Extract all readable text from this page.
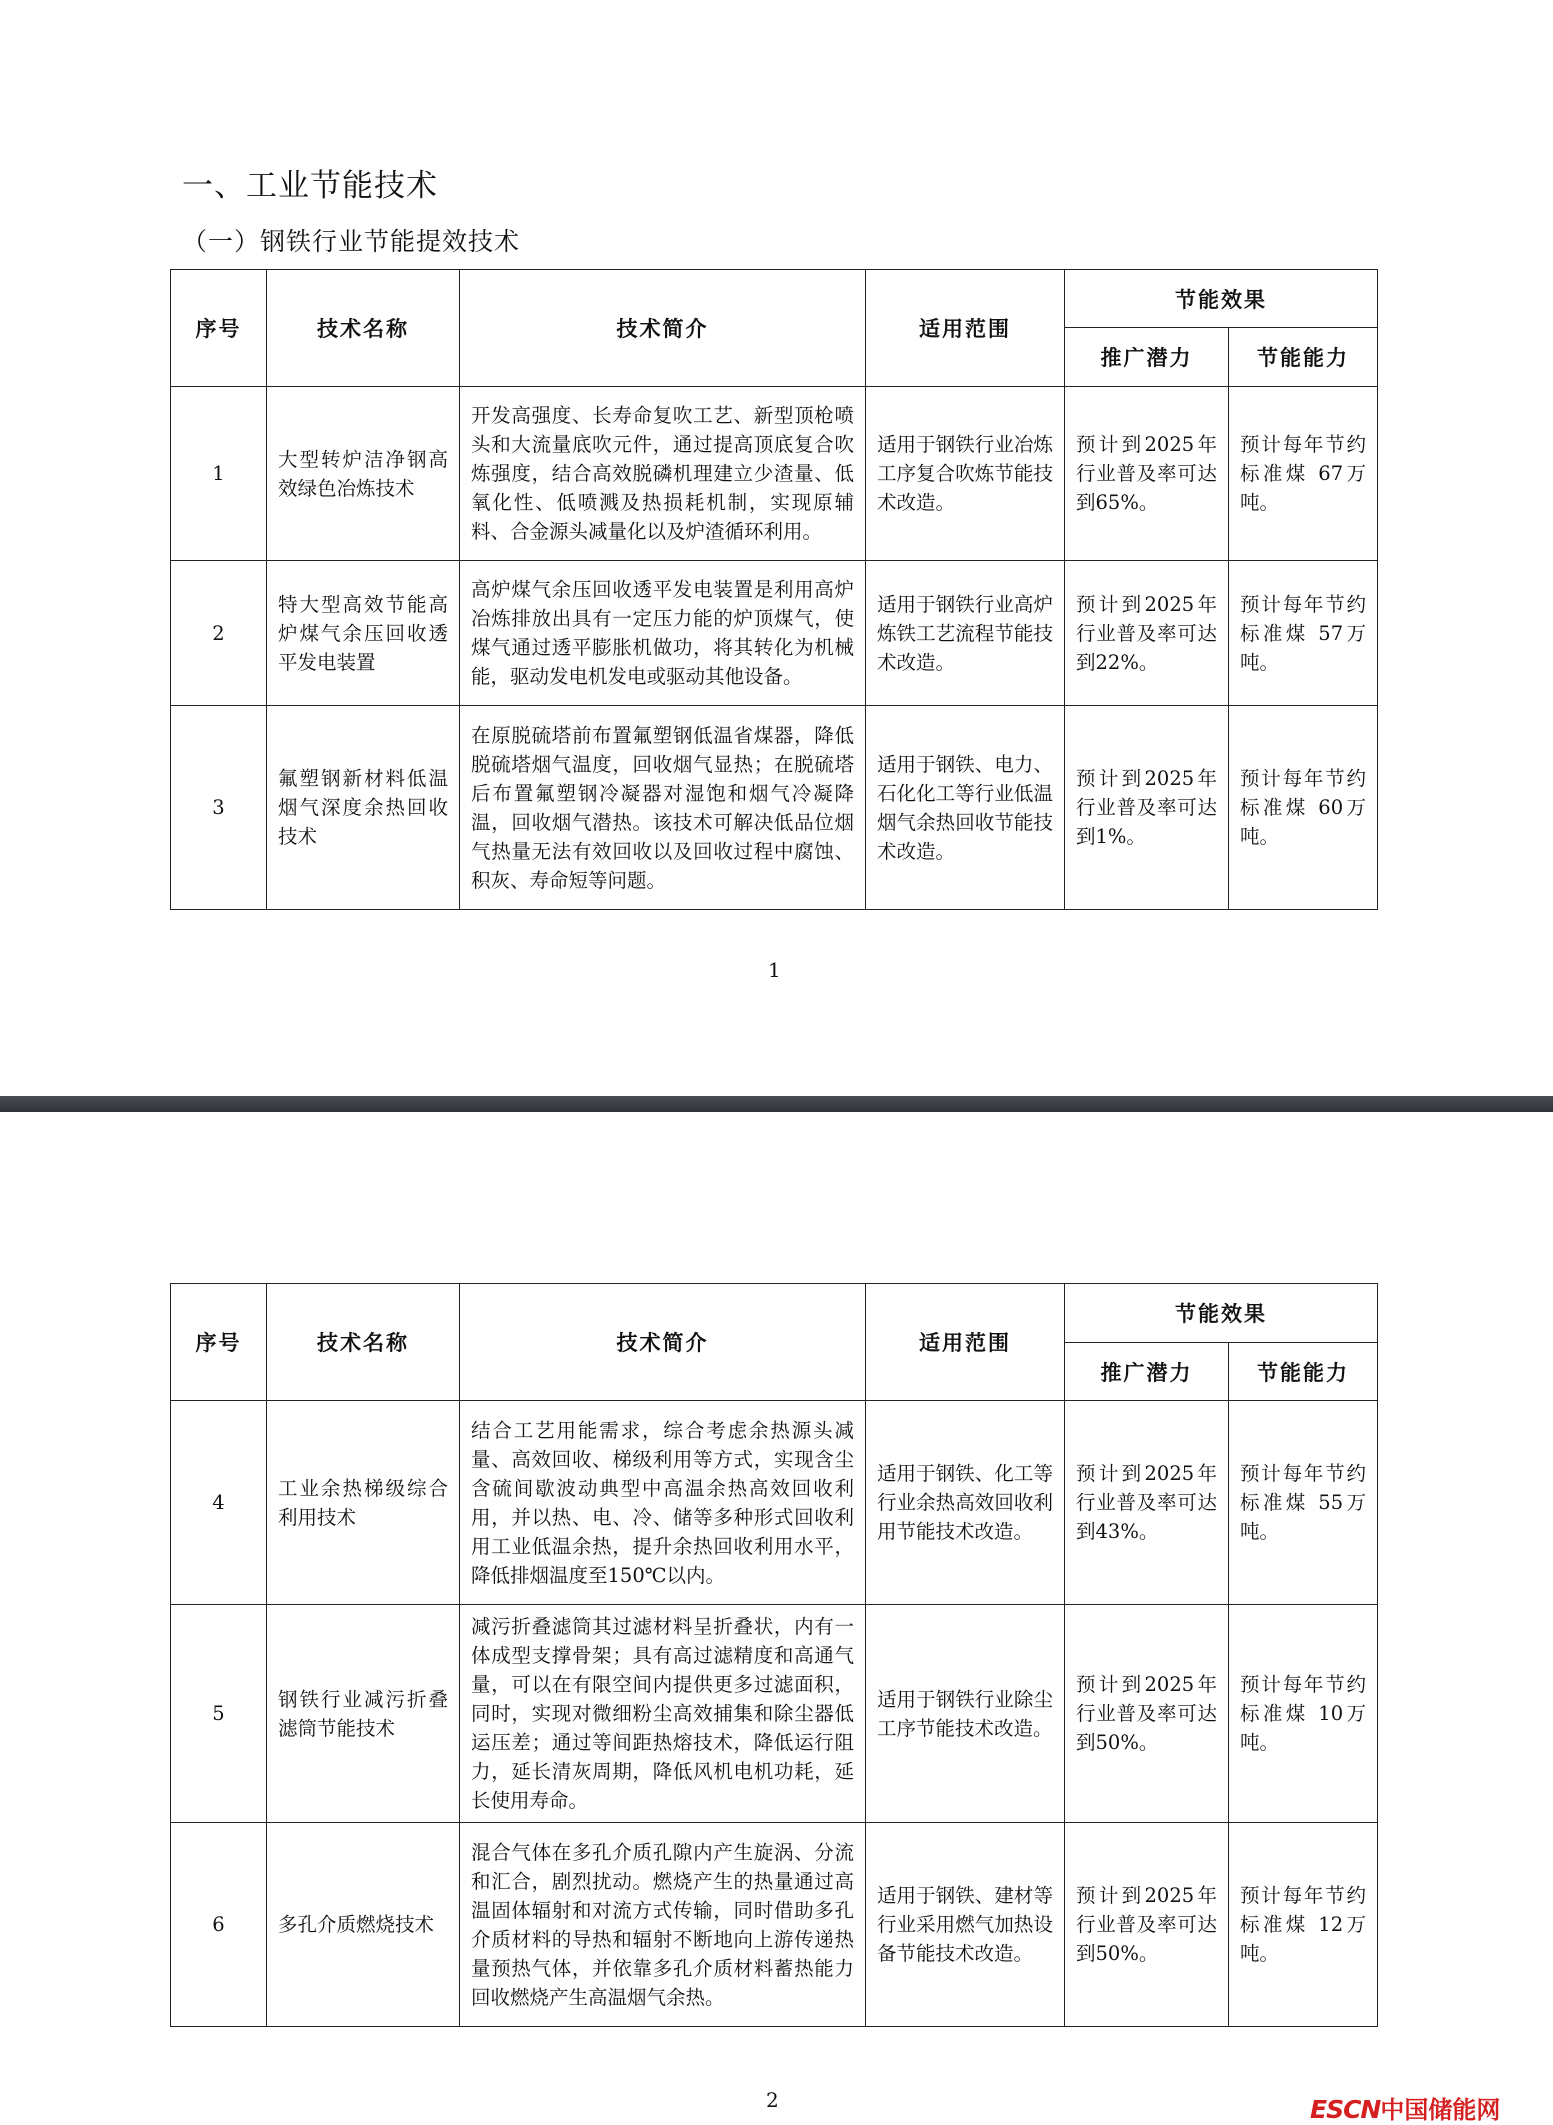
一、工业节能技术
（一）钢铁行业节能提效技术
序号	技术名称	技术简介	适用范围	节能效果	
				推广潜力	节能能力
1	大型转炉洁净钢高效绿色冶炼技术	开发高强度、长寿命复吹工艺、新型顶枪喷头和大流量底吹元件，通过提高顶底复合吹炼强度，结合高效脱磷机理建立少渣量、低氧化性、低喷溅及热损耗机制，实现原辅料、合金源头减量化以及炉渣循环利用。	适用于钢铁行业冶炼工序复合吹炼节能技术改造。	预计到2025年行业普及率可达到65%。	预计每年节约标准煤 67万吨。
2	特大型高效节能高炉煤气余压回收透平发电装置	高炉煤气余压回收透平发电装置是利用高炉冶炼排放出具有一定压力能的炉顶煤气，使煤气通过透平膨胀机做功，将其转化为机械能，驱动发电机发电或驱动其他设备。	适用于钢铁行业高炉炼铁工艺流程节能技术改造。	预计到2025年行业普及率可达到22%。	预计每年节约标准煤 57万吨。
3	氟塑钢新材料低温烟气深度余热回收技术	在原脱硫塔前布置氟塑钢低温省煤器，降低脱硫塔烟气温度，回收烟气显热；在脱硫塔后布置氟塑钢冷凝器对湿饱和烟气冷凝降温，回收烟气潜热。该技术可解决低品位烟气热量无法有效回收以及回收过程中腐蚀、积灰、寿命短等问题。	适用于钢铁、电力、石化化工等行业低温烟气余热回收节能技术改造。	预计到2025年行业普及率可达到1%。	预计每年节约标准煤 60万吨。
1
序号	技术名称	技术简介	适用范围	节能效果	
				推广潜力	节能能力
4	工业余热梯级综合利用技术	结合工艺用能需求，综合考虑余热源头减量、高效回收、梯级利用等方式，实现含尘含硫间歇波动典型中高温余热高效回收利用，并以热、电、冷、储等多种形式回收利用工业低温余热，提升余热回收利用水平，降低排烟温度至150℃以内。	适用于钢铁、化工等行业余热高效回收利用节能技术改造。	预计到2025年行业普及率可达到43%。	预计每年节约标准煤 55万吨。
5	钢铁行业减污折叠滤筒节能技术	减污折叠滤筒其过滤材料呈折叠状，内有一体成型支撑骨架；具有高过滤精度和高通气量，可以在有限空间内提供更多过滤面积，同时，实现对微细粉尘高效捕集和除尘器低运压差；通过等间距热熔技术，降低运行阻力，延长清灰周期，降低风机电机功耗，延长使用寿命。	适用于钢铁行业除尘工序节能技术改造。	预计到2025年行业普及率可达到50%。	预计每年节约标准煤 10万吨。
6	多孔介质燃烧技术	混合气体在多孔介质孔隙内产生旋涡、分流和汇合，剧烈扰动。燃烧产生的热量通过高温固体辐射和对流方式传输，同时借助多孔介质材料的导热和辐射不断地向上游传递热量预热气体，并依靠多孔介质材料蓄热能力回收燃烧产生高温烟气余热。	适用于钢铁、建材等行业采用燃气加热设备节能技术改造。	预计到2025年行业普及率可达到50%。	预计每年节约标准煤 12万吨。
2	ESCN中国储能网
